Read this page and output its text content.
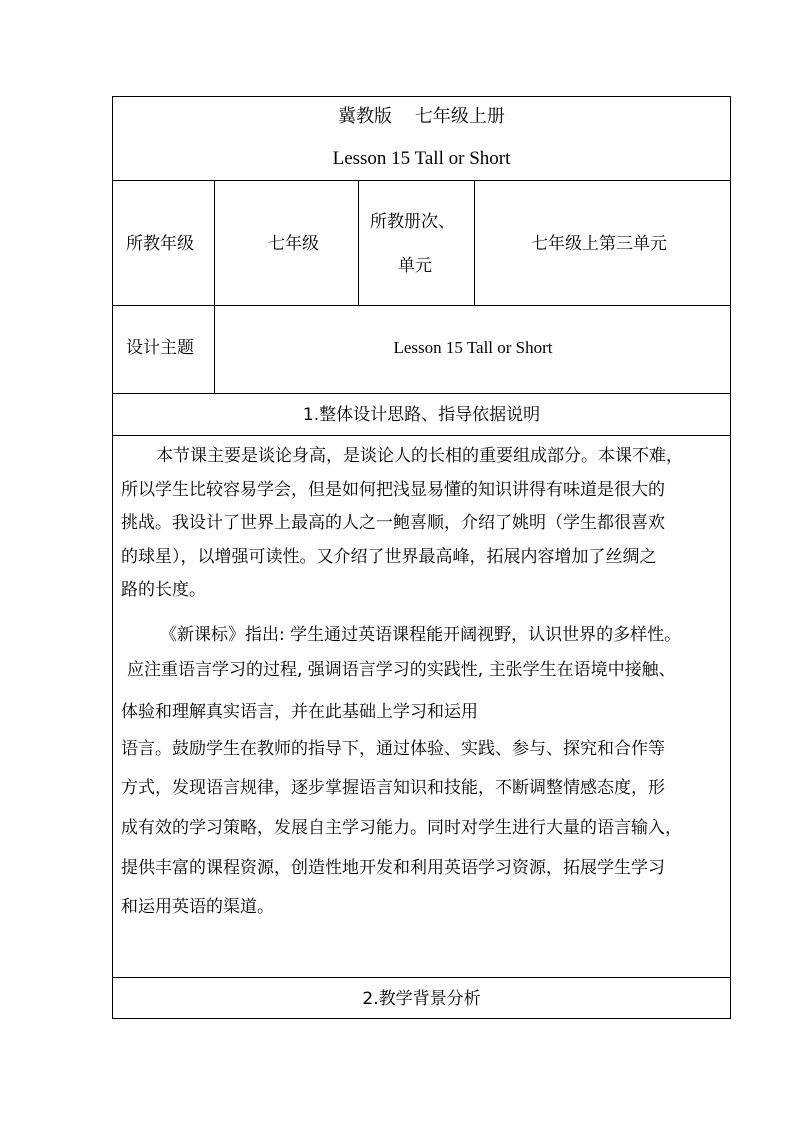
冀教版    七年级上册
Lesson 15 Tall or Short
所教年级	七年级
所教册次、
单元
七年级上第三单元
设计主题	Lesson 15 Tall or Short
1.整体设计思路、指导依据说明
本节课主要是谈论身高，是谈论人的长相的重要组成部分。本课不难，
所以学生比较容易学会，但是如何把浅显易懂的知识讲得有味道是很大的
挑战。我设计了世界上最高的人之一鲍喜顺，介绍了姚明（学生都很喜欢
的球星），以增强可读性。又介绍了世界最高峰，拓展内容增加了丝绸之
路的长度。
《新课标》指出: 学生通过英语课程能开阔视野，认识世界的多样性。
应注重语言学习的过程, 强调语言学习的实践性, 主张学生在语境中接触、
体验和理解真实语言，并在此基础上学习和运用
语言。鼓励学生在教师的指导下，通过体验、实践、参与、探究和合作等
方式，发现语言规律，逐步掌握语言知识和技能，不断调整情感态度，形
成有效的学习策略，发展自主学习能力。同时对学生进行大量的语言输入，
提供丰富的课程资源，创造性地开发和利用英语学习资源，拓展学生学习
和运用英语的渠道。
2.教学背景分析
